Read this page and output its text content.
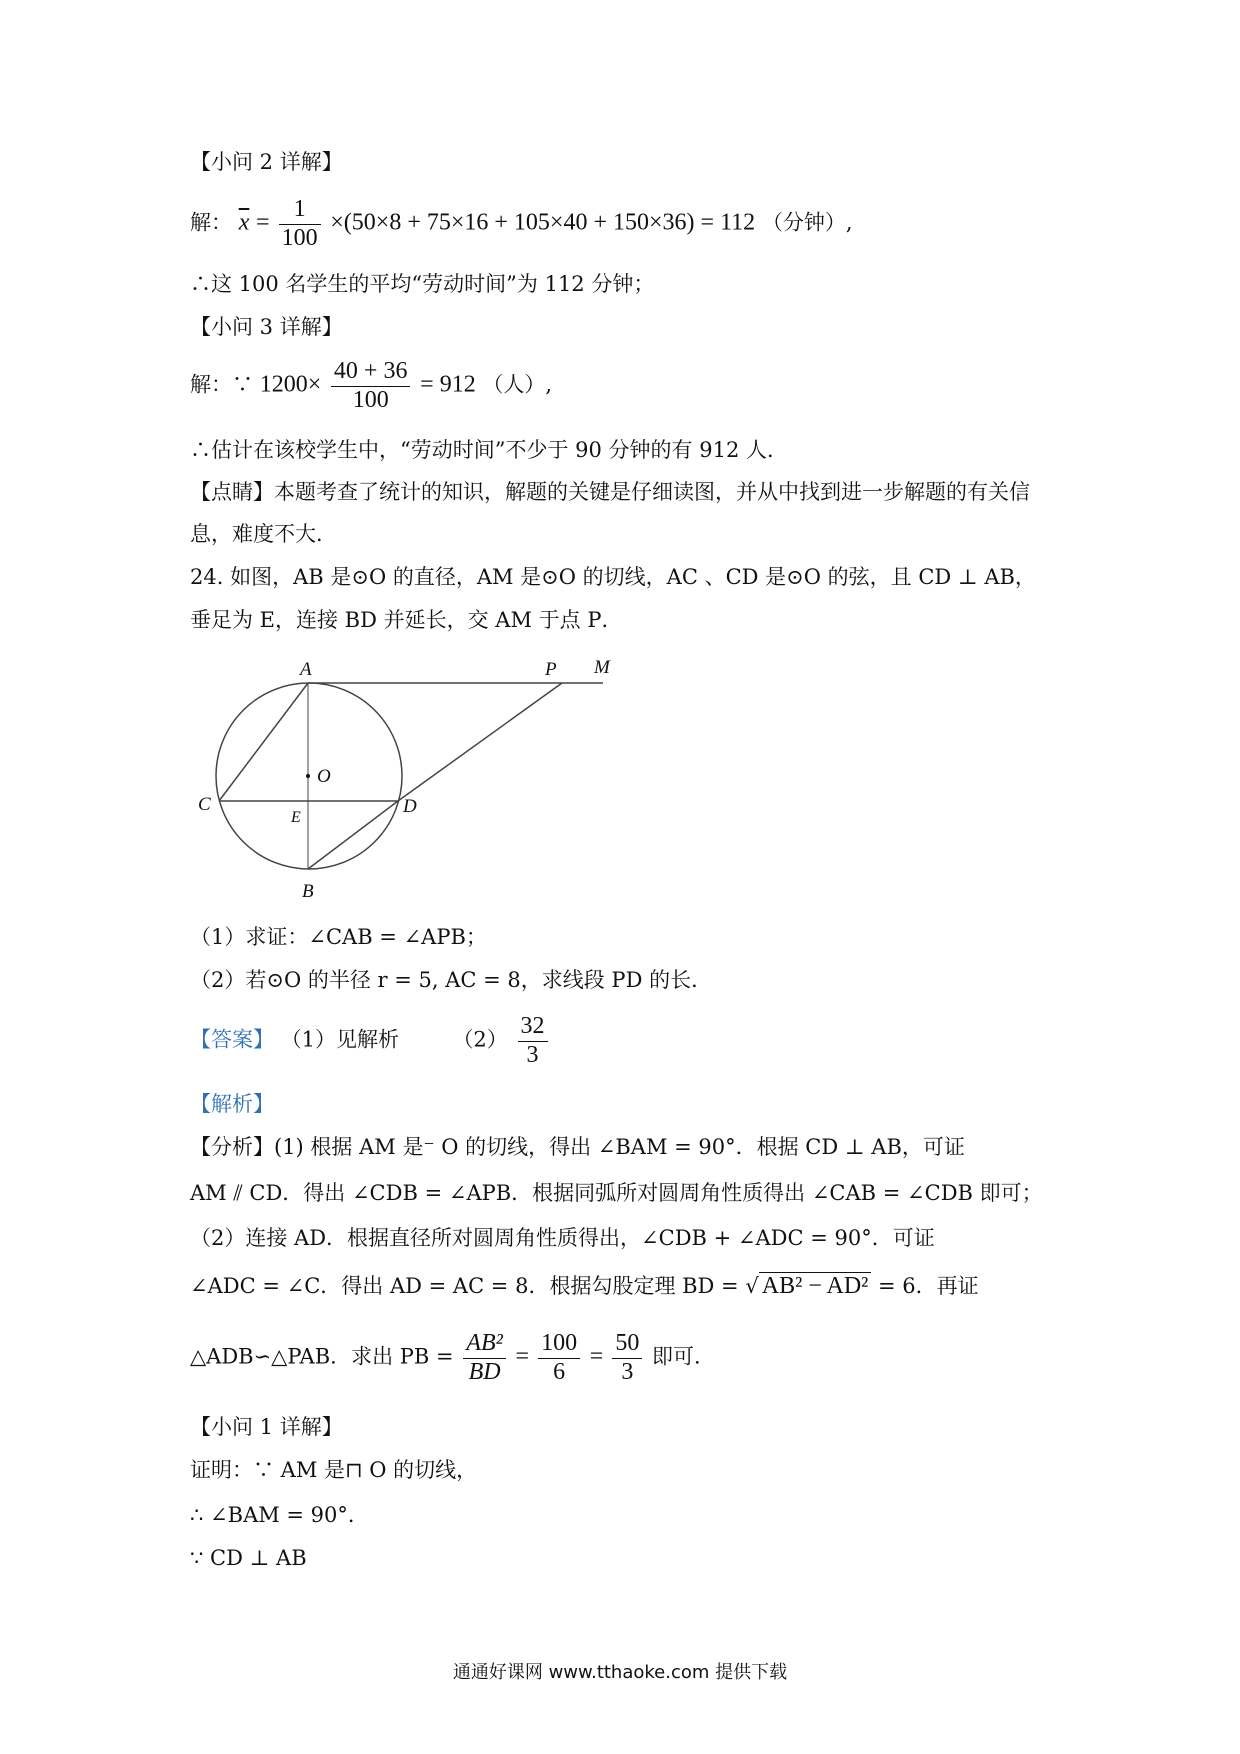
【小问 2 详解】
解： $\overline{x} = \frac{1}{100} \times(50\times 8 + 75\times 16 + 105\times 40 + 150\times 36) = 112$ （分钟）,
∴这 100 名学生的平均“劳动时间”为 112 分钟；
【小问 3 详解】
解：∵ $1200\times \frac{40 + 36}{100} = 912$ （人）,
∴估计在该校学生中，“劳动时间”不少于 90 分钟的有 912 人．
【点睛】本题考查了统计的知识，解题的关键是仔细读图，并从中找到进一步解题的有关信
息，难度不大．
24. 如图，AB 是⊙O 的直径，AM 是⊙O 的切线，AC 、CD 是⊙O 的弦，且 CD ⊥ AB，
垂足为 E，连接 BD 并延长，交 AM 于点 P．
A	P M
O
C
E
D
B
（1）求证：∠CAB = ∠APB；
（2）若⊙O 的半径 r = 5, AC = 8，求线段 PD 的长．
【答案】 （1）见解析	$(2) \frac{32}{3}$
【解析】
【分析】(1) 根据 AM 是⁻ O 的切线，得出 ∠BAM = 90°．根据 CD ⊥ AB，可证
AM ⫽ CD．得出 ∠CDB = ∠APB．根据同弧所对圆周角性质得出 ∠CAB = ∠CDB 即可；
（2）连接 AD．根据直径所对圆周角性质得出，∠CDB + ∠ADC = 90°．可证
∠ADC = ∠C．得出 AD = AC = 8．根据勾股定理 BD = √ AB² − AD² = 6．再证
△ADB∽△PAB．求出 PB = $\frac{\text{AB²}}{BD} = \frac{100}{6} = \frac{50}{3}$ 即可．
【小问 1 详解】
证明：∵ AM 是⊓ O 的切线，
∴ ∠BAM = 90°．
∵ CD ⊥ AB
通通好课网 www.tthaoke.com 提供下载
